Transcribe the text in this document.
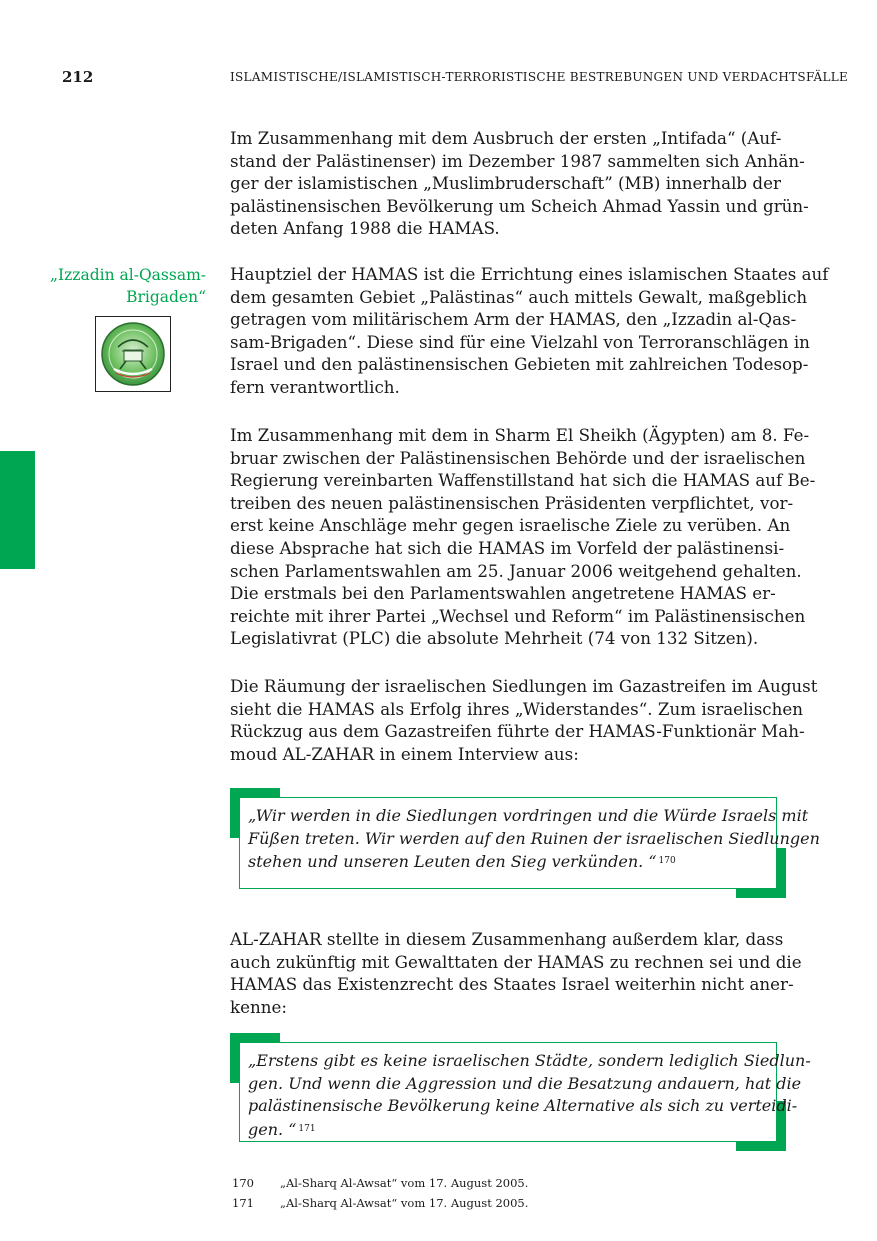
212	ISLAMISTISCHE/ISLAMISTISCH-TERRORISTISCHE BESTREBUNGEN UND VERDACHTSFÄLLE
„Izzadin al-Qassam-
Brigaden“

Im Zusammenhang mit dem Ausbruch der ersten „Intifada“ (Auf-
stand der Palästinenser) im Dezember 1987 sammelten sich Anhän-
ger der islamistischen „Muslimbruderschaft” (MB) innerhalb der
palästinensischen Bevölkerung um Scheich Ahmad Yassin und grün-
deten Anfang 1988 die HAMAS.

Hauptziel der HAMAS ist die Errichtung eines islamischen Staates auf
dem gesamten Gebiet „Palästinas“ auch mittels Gewalt, maßgeblich
getragen vom militärischem Arm der HAMAS, den „Izzadin al-Qas-
sam-Brigaden“. Diese sind für eine Vielzahl von Terroranschlägen in
Israel und den palästinensischen Gebieten mit zahlreichen Todesop-
fern verantwortlich.

Im Zusammenhang mit dem in Sharm El Sheikh (Ägypten) am 8. Fe-
bruar zwischen der Palästinensischen Behörde und der israelischen
Regierung vereinbarten Waffenstillstand hat sich die HAMAS auf Be-
treiben des neuen palästinensischen Präsidenten verpflichtet, vor-
erst keine Anschläge mehr gegen israelische Ziele zu verüben. An
diese Absprache hat sich die HAMAS im Vorfeld der palästinensi-
schen Parlamentswahlen am 25. Januar 2006 weitgehend gehalten.
Die erstmals bei den Parlamentswahlen angetretene HAMAS er-
reichte mit ihrer Partei „Wechsel und Reform“ im Palästinensischen
Legislativrat (PLC) die absolute Mehrheit (74 von 132 Sitzen).

Die Räumung der israelischen Siedlungen im Gazastreifen im August
sieht die HAMAS als Erfolg ihres „Widerstandes“. Zum israelischen
Rückzug aus dem Gazastreifen führte der HAMAS-Funktionär Mah-
moud AL-ZAHAR in einem Interview aus:

„Wir werden in die Siedlungen vordringen und die Würde Israels mit
Füßen treten. Wir werden auf den Ruinen der israelischen Siedlungen
stehen und unseren Leuten den Sieg verkünden. “ $^{170}$

AL-ZAHAR stellte in diesem Zusammenhang außerdem klar, dass
auch zukünftig mit Gewalttaten der HAMAS zu rechnen sei und die
HAMAS das Existenzrecht des Staates Israel weiterhin nicht aner-
kenne:

„Erstens gibt es keine israelischen Städte, sondern lediglich Siedlun-
gen. Und wenn die Aggression und die Besatzung andauern, hat die
palästinensische Bevölkerung keine Alternative als sich zu verteidi-
gen. “ $^{171}$
170 „Al-Sharq Al-Awsat“ vom 17. August 2005.
171 „Al-Sharq Al-Awsat“ vom 17. August 2005.
